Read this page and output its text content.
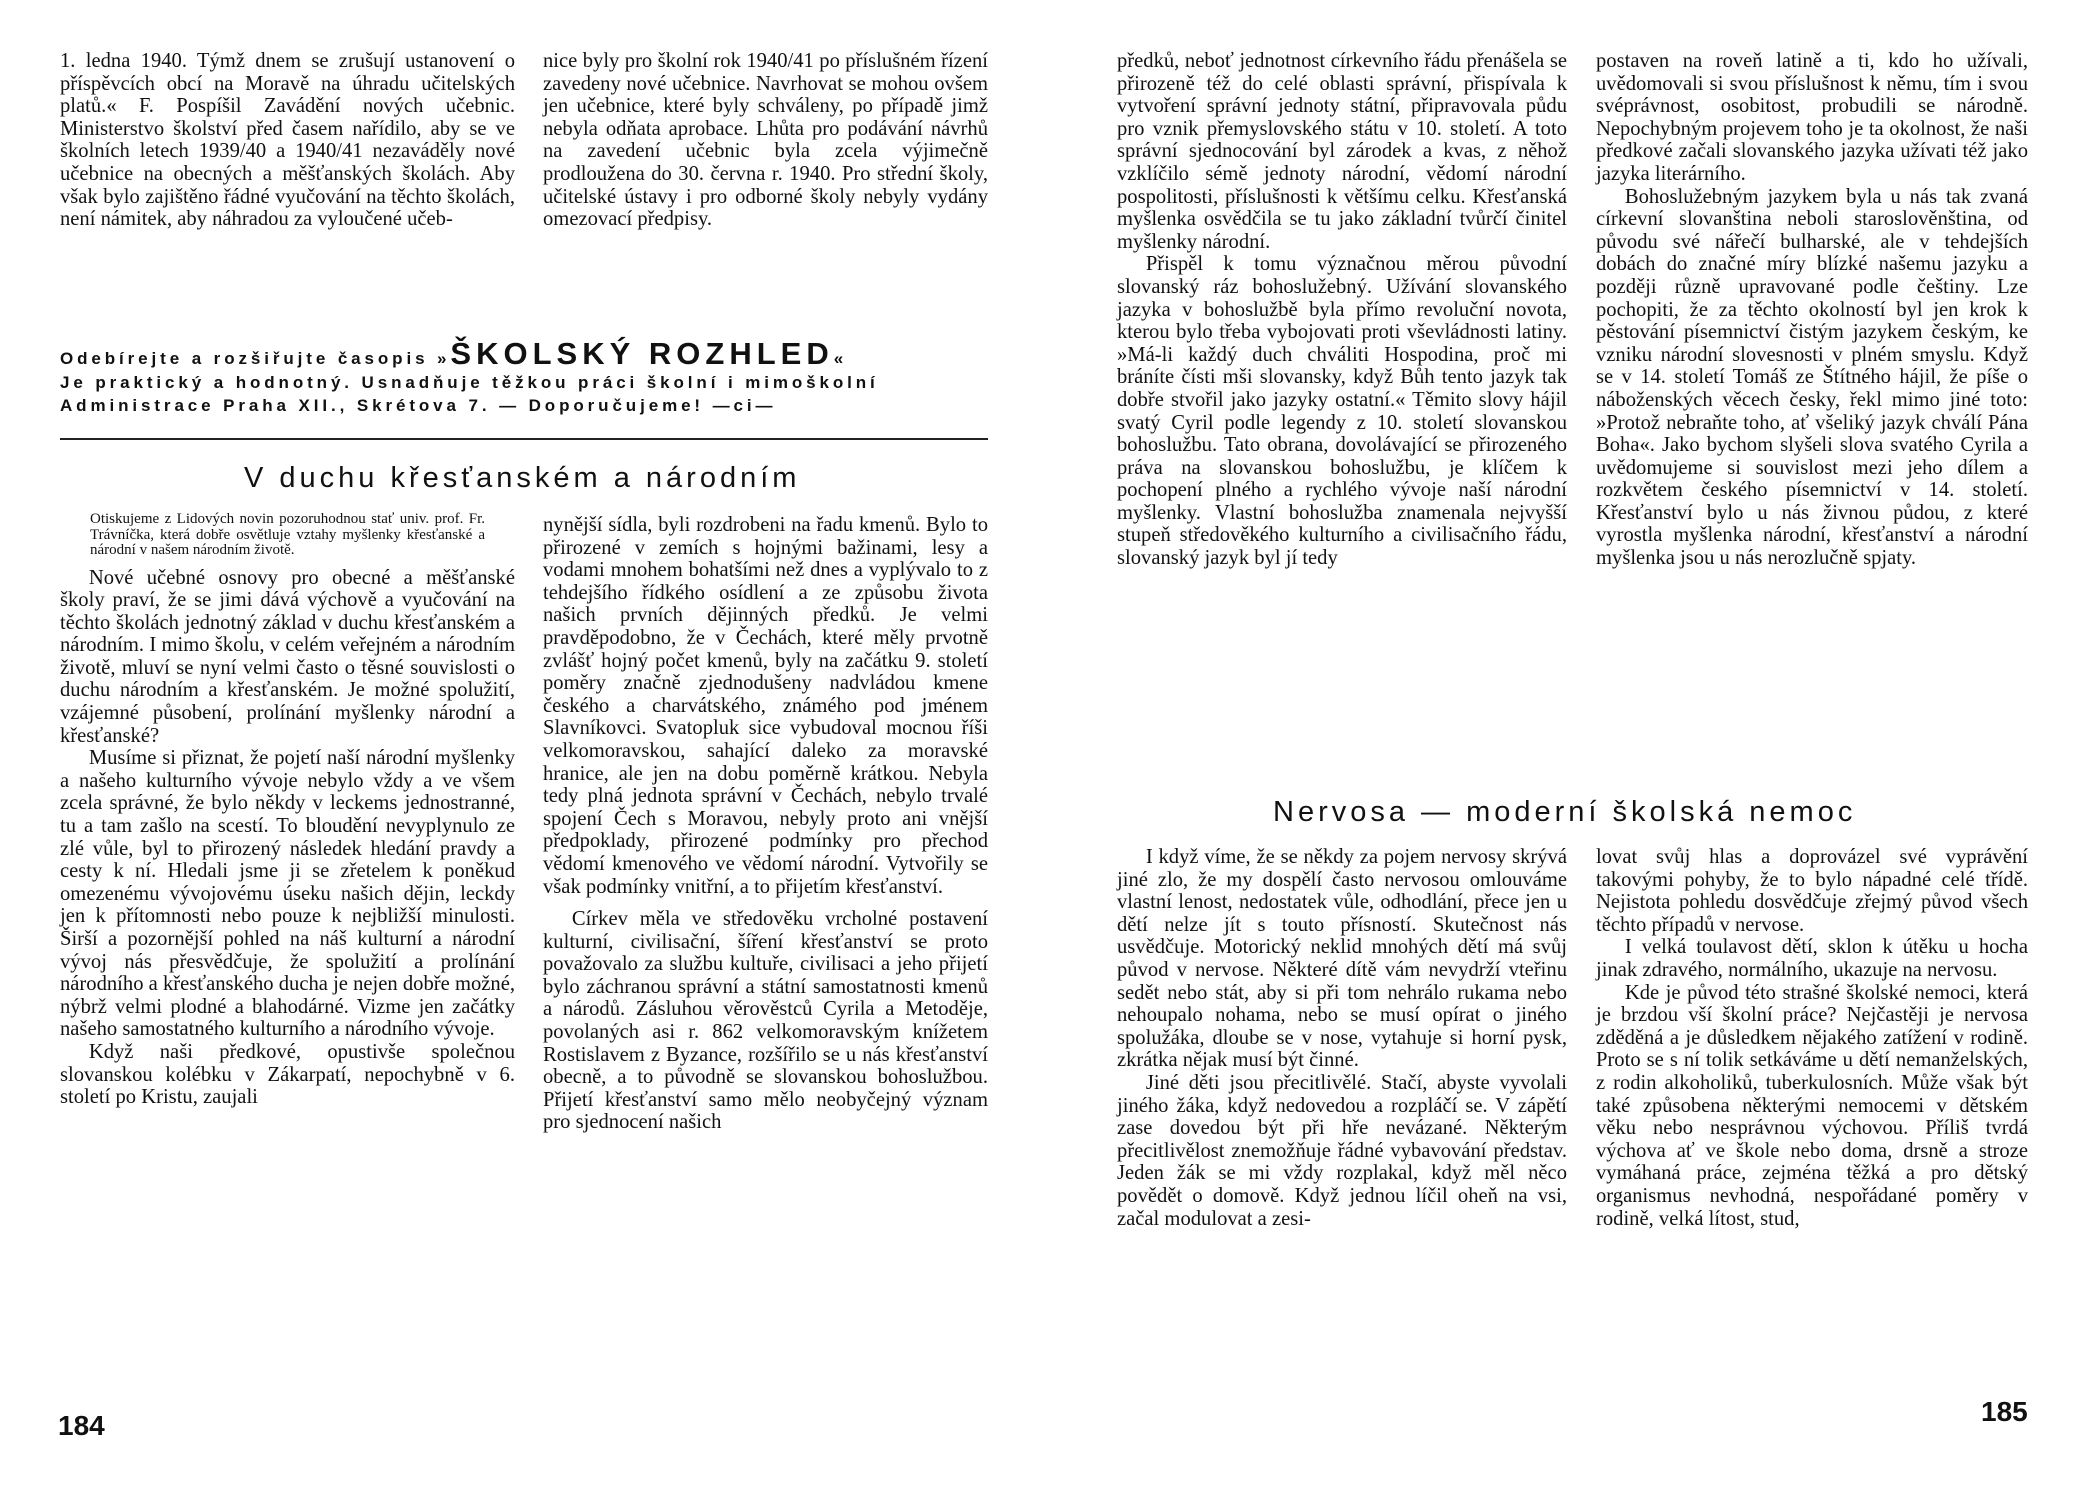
1. ledna 1940. Týmž dnem se zrušují ustanovení o příspěvcích obcí na Moravě na úhradu učitelských platů.« F. Pospíšil Zavádění nových učebnic. Ministerstvo školství před časem nařídilo, aby se ve školních letech 1939/40 a 1940/41 nezaváděly nové učebnice na obecných a měšťanských školách. Aby však bylo zajištěno řádné vyučování na těchto školách, není námitek, aby náhradou za vyloučené učeb-

nice byly pro školní rok 1940/41 po příslušném řízení zavedeny nové učebnice. Navrhovat se mohou ovšem jen učebnice, které byly schváleny, po případě jimž nebyla odňata aprobace. Lhůta pro podávání návrhů na zavedení učebnic byla zcela výjimečně prodloužena do 30. června r. 1940. Pro střední školy, učitelské ústavy i pro odborné školy nebyly vydány omezovací předpisy.

Odebírejte a rozšiřujte časopis »ŠKOLSKÝ ROZHLED«
Je praktický a hodnotný. Usnadňuje těžkou práci školní i mimoškolní
Administrace Praha XII., Skrétova 7. — Doporučujeme! —ci—
V duchu křesťanském a národním

Otiskujeme z Lidových novin pozoruhodnou stať univ. prof. Fr. Trávníčka, která dobře osvětluje vztahy myšlenky křesťanské a národní v našem národním životě.

Nové učebné osnovy pro obecné a měšťanské školy praví, že se jimi dává výchově a vyučování na těchto školách jednotný základ v duchu křesťanském a národním. I mimo školu, v celém veřejném a národním životě, mluví se nyní velmi často o těsné souvislosti o duchu národním a křesťanském. Je možné spolužití, vzájemné působení, prolínání myšlenky národní a křesťanské?

Musíme si přiznat, že pojetí naší národní myšlenky a našeho kulturního vývoje nebylo vždy a ve všem zcela správné, že bylo někdy v leckems jednostranné, tu a tam zašlo na scestí. To bloudění nevyplynulo ze zlé vůle, byl to přirozený následek hledání pravdy a cesty k ní. Hledali jsme ji se zřetelem k poněkud omezenému vývojovému úseku našich dějin, leckdy jen k přítomnosti nebo pouze k nejbližší minulosti. Širší a pozornější pohled na náš kulturní a národní vývoj nás přesvědčuje, že spolužití a prolínání národního a křesťanského ducha je nejen dobře možné, nýbrž velmi plodné a blahodárné. Vizme jen začátky našeho samostatného kulturního a národního vývoje.

Když naši předkové, opustivše společnou slovanskou kolébku v Zákarpatí, nepochybně v 6. století po Kristu, zaujali

nynější sídla, byli rozdrobeni na řadu kmenů. Bylo to přirozené v zemích s hojnými bažinami, lesy a vodami mnohem bohatšími než dnes a vyplývalo to z tehdejšího řídkého osídlení a ze způsobu života našich prvních dějinných předků. Je velmi pravděpodobno, že v Čechách, které měly prvotně zvlášť hojný počet kmenů, byly na začátku 9. století poměry značně zjednodušeny nadvládou kmene českého a charvátského, známého pod jménem Slavníkovci. Svatopluk sice vybudoval mocnou říši velkomoravskou, sahající daleko za moravské hranice, ale jen na dobu poměrně krátkou. Nebyla tedy plná jednota správní v Čechách, nebylo trvalé spojení Čech s Moravou, nebyly proto ani vnější předpoklady, přirozené podmínky pro přechod vědomí kmenového ve vědomí národní. Vytvořily se však podmínky vnitřní, a to přijetím křesťanství.

Církev měla ve středověku vrcholné postavení kulturní, civilisační, šíření křesťanství se proto považovalo za službu kultuře, civilisaci a jeho přijetí bylo záchranou správní a státní samostatnosti kmenů a národů. Zásluhou věrověstců Cyrila a Metoděje, povolaných asi r. 862 velkomoravským knížetem Rostislavem z Byzance, rozšířilo se u nás křesťanství obecně, a to původně se slovanskou bohoslužbou. Přijetí křesťanství samo mělo neobyčejný význam pro sjednocení našich

184

předků, neboť jednotnost církevního řádu přenášela se přirozeně též do celé oblasti správní, přispívala k vytvoření správní jednoty státní, připravovala půdu pro vznik přemyslovského státu v 10. století. A toto správní sjednocování byl zárodek a kvas, z něhož vzklíčilo sémě jednoty národní, vědomí národní pospolitosti, příslušnosti k většímu celku. Křesťanská myšlenka osvědčila se tu jako základní tvůrčí činitel myšlenky národní.

Přispěl k tomu význačnou měrou původní slovanský ráz bohoslužebný. Užívání slovanského jazyka v bohoslužbě byla přímo revoluční novota, kterou bylo třeba vybojovati proti vševládnosti latiny. »Má-li každý duch chváliti Hospodina, proč mi bráníte čísti mši slovansky, když Bůh tento jazyk tak dobře stvořil jako jazyky ostatní.« Těmito slovy hájil svatý Cyril podle legendy z 10. století slovanskou bohoslužbu. Tato obrana, dovolávající se přirozeného práva na slovanskou bohoslužbu, je klíčem k pochopení plného a rychlého vývoje naší národní myšlenky. Vlastní bohoslužba znamenala nejvyšší stupeň středověkého kulturního a civilisačního řádu, slovanský jazyk byl jí tedy

postaven na roveň latině a ti, kdo ho užívali, uvědomovali si svou příslušnost k němu, tím i svou svéprávnost, osobitost, probudili se národně. Nepochybným projevem toho je ta okolnost, že naši předkové začali slovanského jazyka užívati též jako jazyka literárního.

Bohoslužebným jazykem byla u nás tak zvaná církevní slovanština neboli staroslověnština, od původu své nářečí bulharské, ale v tehdejších dobách do značné míry blízké našemu jazyku a později různě upravované podle češtiny. Lze pochopiti, že za těchto okolností byl jen krok k pěstování písemnictví čistým jazykem českým, ke vzniku národní slovesnosti v plném smyslu. Když se v 14. století Tomáš ze Štítného hájil, že píše o náboženských věcech česky, řekl mimo jiné toto: »Protož nebraňte toho, ať všeliký jazyk chválí Pána Boha«. Jako bychom slyšeli slova svatého Cyrila a uvědomujeme si souvislost mezi jeho dílem a rozkvětem českého písemnictví v 14. století. Křesťanství bylo u nás živnou půdou, z které vyrostla myšlenka národní, křesťanství a národní myšlenka jsou u nás nerozlučně spjaty.

Nervosa — moderní školská nemoc

I když víme, že se někdy za pojem nervosy skrývá jiné zlo, že my dospělí často nervosou omlouváme vlastní lenost, nedostatek vůle, odhodlání, přece jen u dětí nelze jít s touto přísností. Skutečnost nás usvědčuje. Motorický neklid mnohých dětí má svůj původ v nervose. Některé dítě vám nevydrží vteřinu sedět nebo stát, aby si při tom nehrálo rukama nebo nehoupalo nohama, nebo se musí opírat o jiného spolužáka, dloube se v nose, vytahuje si horní pysk, zkrátka nějak musí být činné.

Jiné děti jsou přecitlivělé. Stačí, abyste vyvolali jiného žáka, když nedovedou a rozpláčí se. V zápětí zase dovedou být při hře nevázané. Některým přecitlivělost znemožňuje řádné vybavování představ. Jeden žák se mi vždy rozplakal, když měl něco povědět o domově. Když jednou líčil oheň na vsi, začal modulovat a zesi-

lovat svůj hlas a doprovázel své vyprávění takovými pohyby, že to bylo nápadné celé třídě. Nejistota pohledu dosvědčuje zřejmý původ všech těchto případů v nervose.

I velká toulavost dětí, sklon k útěku u hocha jinak zdravého, normálního, ukazuje na nervosu.

Kde je původ této strašné školské nemoci, která je brzdou vší školní práce? Nejčastěji je nervosa zděděná a je důsledkem nějakého zatížení v rodině. Proto se s ní tolik setkáváme u dětí nemanželských, z rodin alkoholiků, tuberkulosních. Může však být také způsobena některými nemocemi v dětském věku nebo nesprávnou výchovou. Příliš tvrdá výchova ať ve škole nebo doma, drsně a stroze vymáhaná práce, zejména těžká a pro dětský organismus nevhodná, nespořádané poměry v rodině, velká lítost, stud,

185
